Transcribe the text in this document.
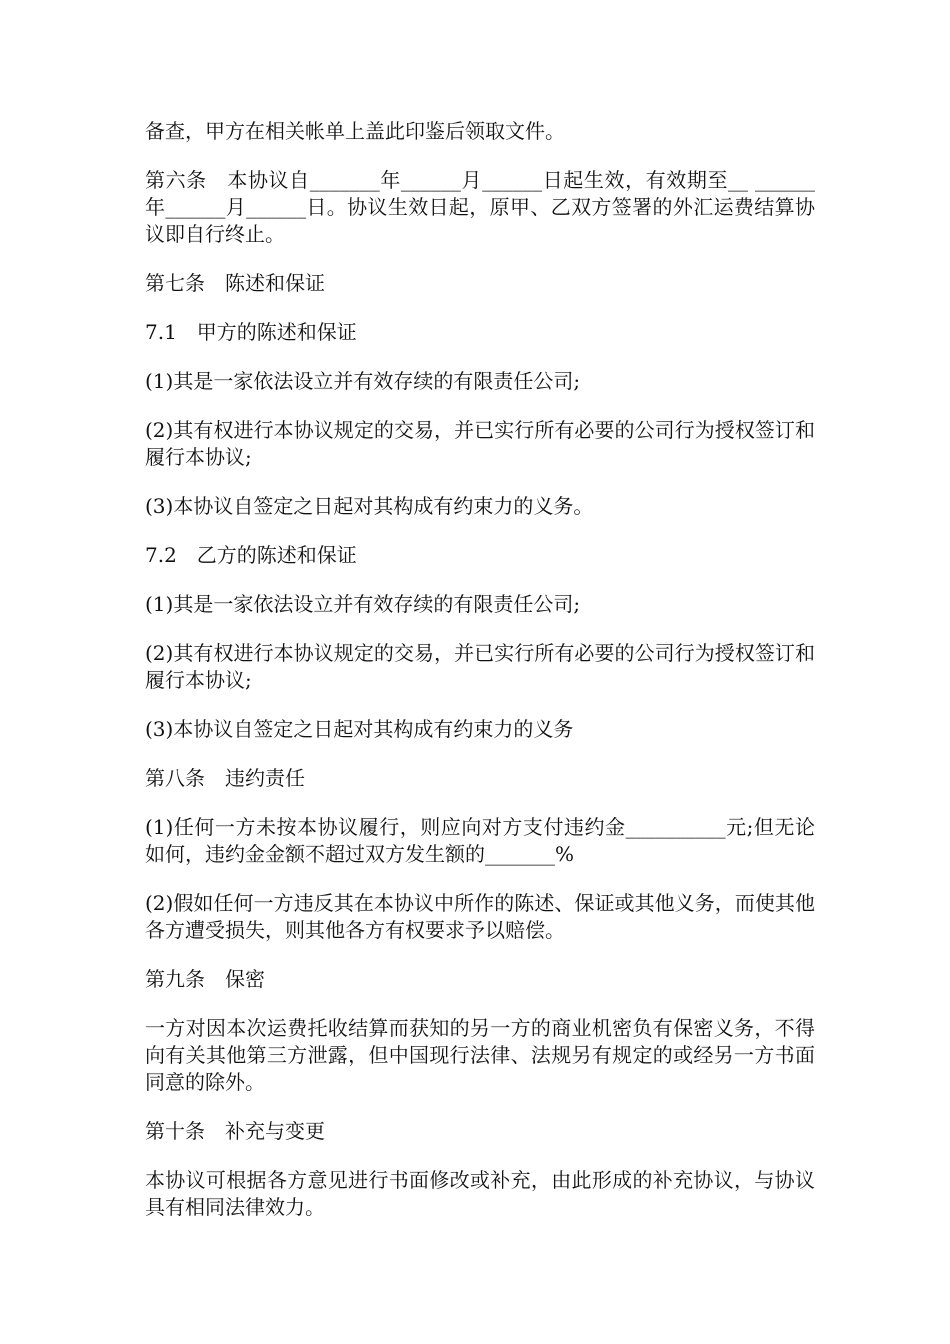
备查，甲方在相关帐单上盖此印鉴后领取文件。

第六条　本协议自_______年______月______日起生效，有效期至__ ______年______月______日。协议生效日起，原甲、乙双方签署的外汇运费结算协议即自行终止。

第七条　陈述和保证

7.1　甲方的陈述和保证

(1)其是一家依法设立并有效存续的有限责任公司;

(2)其有权进行本协议规定的交易，并已实行所有必要的公司行为授权签订和履行本协议;

(3)本协议自签定之日起对其构成有约束力的义务。

7.2　乙方的陈述和保证

(1)其是一家依法设立并有效存续的有限责任公司;

(2)其有权进行本协议规定的交易，并已实行所有必要的公司行为授权签订和履行本协议;

(3)本协议自签定之日起对其构成有约束力的义务

第八条　违约责任

(1)任何一方未按本协议履行，则应向对方支付违约金__________元;但无论如何，违约金金额不超过双方发生额的_______%

(2)假如任何一方违反其在本协议中所作的陈述、保证或其他义务，而使其他各方遭受损失，则其他各方有权要求予以赔偿。

第九条　保密

一方对因本次运费托收结算而获知的另一方的商业机密负有保密义务，不得向有关其他第三方泄露，但中国现行法律、法规另有规定的或经另一方书面同意的除外。

第十条　补充与变更

本协议可根据各方意见进行书面修改或补充，由此形成的补充协议，与协议具有相同法律效力。
